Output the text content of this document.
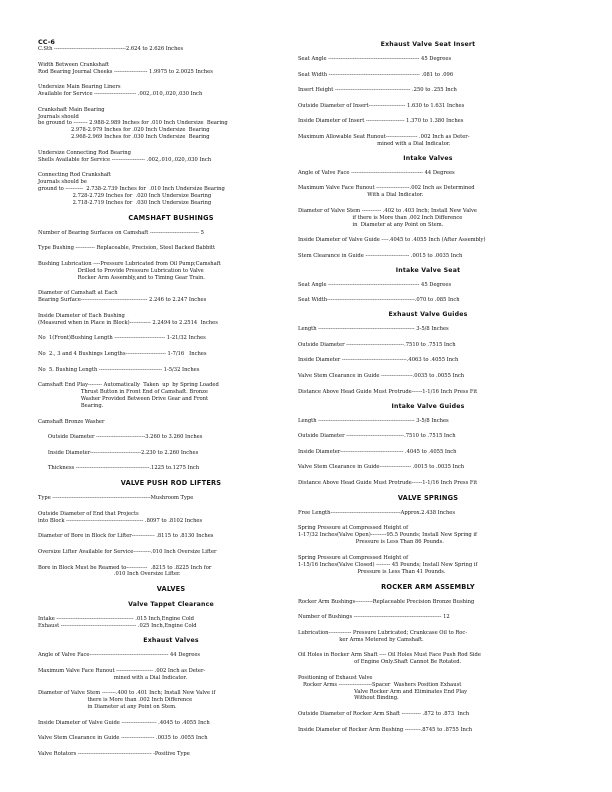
CC-6
C.Sth -----------------------------------------2.624 to 2.626 Inches
Width Between Crankshaft
Rod Bearing Journal Cheeks ------------------- 1.9975 to 2.0025 Inches
Undersize Main Bearing Liners
Available for Service ------------------------ .002,.010,.020,.030 Inch
Crankshaft Main Bearing
Journals should
be ground to -------- 2.988-2.989 Inches for .010 Inch Undersize  Bearing
2.978-2.979 Inches for .020 Inch Undersize  Bearing
2.968-2.969 Inches for .030 Inch Undersize  Bearing
Undersize Connecting Rod Bearing
Shells Available for Service ------------------- .002,.010,.020,.030 Inch
Connecting Rod Crankshaft
Journals should be
ground to ----------  2.738-2.739 Inches for  .010 Inch Undersize Bearing
2.728-2.729 Inches for  .020 Inch Undersize Bearing
2.718-2.719 Inches for  .030 Inch Undersize Bearing
CAMSHAFT BUSHINGS
Number of Bearing Surfaces on Camshaft ---------------------------- 5
Type Bushing ----------- Replaceable, Precision, Steel Backed Babbitt
Bushing Lubrication ----Pressure Lubricated from Oil Pump;Camshaft
Drilled to Provide Pressure Lubrication to Valve
Rocker Arm Assembly,and to Timing Gear Train.
Diameter of Camshaft at Each
Bearing Surface-------------------------------------- 2.246 to 2.247 Inches
Inside Diameter of Each Bushing
(Measured when in Place in Block)------------ 2.2494 to 2.2514  Inches
No  1(Front)Bushing Length ----------------------------- 1-21/32 Inches
No  2., 3 and 4 Bushings Lengths----------------------- 1-7/16   Inches
No  5. Bushing Length ------------------------------------ 1-5/32 Inches
Camshaft End Play-------- Automatically  Taken  up  by Spring Loaded
Thrust Button in Front End of Camshaft. Bronze
Washer Provided Between Drive Gear and Front
Bearing.
Camshaft Bronze Washer
Outside Diameter ----------------------------3.260 to 3.260 Inches
Inside Diameter-----------------------------2.230 to 2.260 Inches
Thickness ------------------------------------------.1225 to.1275 Inch
VALVE PUSH ROD LIFTERS
Type --------------------------------------------------------Mushroom Type
Outside Diameter of End that Projects
into Block -------------------------------------------- .8097 to .8102 Inches
Diameter of Bore in Block for Lifter------------- .8115 to .8130 Inches
Oversize Lifter Available for Service----------.010 Inch Oversize Lifter
Bore in Block Must be Reamed to------------  .8215 to .8225 Inch for
.010 Inch Oversize Lifter.
VALVES
Valve Tappet Clearance
Intake -------------------------------------------- .015 Inch,Engine Cold
Exhaust ------------------------------------------- .025 Inch,Engine Cold
Exhaust Valves
Angle of Valve Face--------------------------------------------- 44 Degrees
Maximum Valve Face Runout --------------------- .002 Inch as Deter-
mined with a Dial Indicator.
Diameter of Valve Stem --------.400 to .401 Inch; Install New Valve if
there is More than .002 Inch Difference
in Diameter at any Point on Stem.
Inside Diameter of Valve Guide -------------------- .4045 to .4055 Inch
Valve Stem Clearance in Guide ------------------- .0035 to .0055 Inch
Valve Rotators ------------------------------------------ -Positive Type
Exhaust Valve Seat Insert
Seat Angle ---------------------------------------------------- 45 Degrees
Seat Width ---------------------------------------------------- .081 to .096
Insert Height ------------------------------------------- .250 to .255 Inch
Outside Diameter of Insert--------------------- 1.630 to 1.631 Inches
Inside Diameter of Insert ---------------------- 1.370 to 1.380 Inches
Maximum Allowable Seat Runout------------------ .002 Inch as Deter-
mined with a Dial Indicator.
Intake Valves
Angle of Valve Face ----------------------------------------- 44 Degrees
Maximum Valve Face Runout -------------------.002 Inch as Determined
With a Dial Indicator.
Diameter of Valve Stem ----------- .402 to .403 Inch; Install New Valve
if there is More than .002 Inch Difference
in  Diameter at any Point on Stem.
Inside Diameter of Valve Guide ----.4045 to .4055 Inch (After Assembly)
Stem Clearance in Guide ------------------------- .0015 to .0035 Inch
Intake Valve Seat
Seat Angle ---------------------------------------------------- 45 Degrees
Seat Width--------------------------------------------------.070 to .085 Inch
Exhaust Valve Guides
Length ------------------------------------------------------- 3-5/8 Inches
Outside Diameter ---------------------------------.7510 to .7515 Inch
Inside Diameter -------------------------------------.4063 to .4055 Inch
Valve Stem Clearance in Guide ------------------.0035 to .0055 Inch
Distance Above Head Guide Must Protrude------1-1/16 Inch Press Fit
Intake Valve Guides
Length ------------------------------------------------------- 3-5/8 Inches
Outside Diameter ---------------------------------.7510 to .7515 Inch
Inside Diameter------------------------------------ .4045 to .4055 Inch
Valve Stem Clearance in Guide------------------ .0015 to .0035 Inch
Distance Above Head Guide Must Protrude------1-1/16 Inch Press Fit
VALVE SPRINGS
Free Length----------------------------------------Approx.2.438 Inches
Spring Pressure at Compressed Height of
1-17/32 Inches(Valve Open)---------95.5 Pounds; Install New Spring if
Pressure is Less Than 86 Pounds.
Spring Pressure at Compressed Height of
1-15/16 Inches(Valve Closed) -------- 45 Pounds; Install New Spring if
Pressure is Less Than 41 Pounds.
ROCKER ARM ASSEMBLY
Rocker Arm Bushings----------Replaceable Precision Bronze Bushing
Number of Bushings -------------------------------------------------- 12
Lubrication------------- Pressure Lubricated; Crankcase Oil to Roc-
ker Arms Metered by Camshaft.
Oil Holes in Rocker Arm Shaft ---- Oil Holes Must Face Push Rod Side
of Engine Only.Shaft Cannot Be Rotated.
Positioning of Exhaust Valve
Rocker Arms -------------------Spacer  Washers Position Exhaust
Valve Rocker Arm and Eliminates End Play
Without Binding.
Outside Diameter of Rocker Arm Shaft ----------- .872 to .873  Inch
Inside Diameter of Rocker Arm Bushing ---------.8745 to .8755 Inch
